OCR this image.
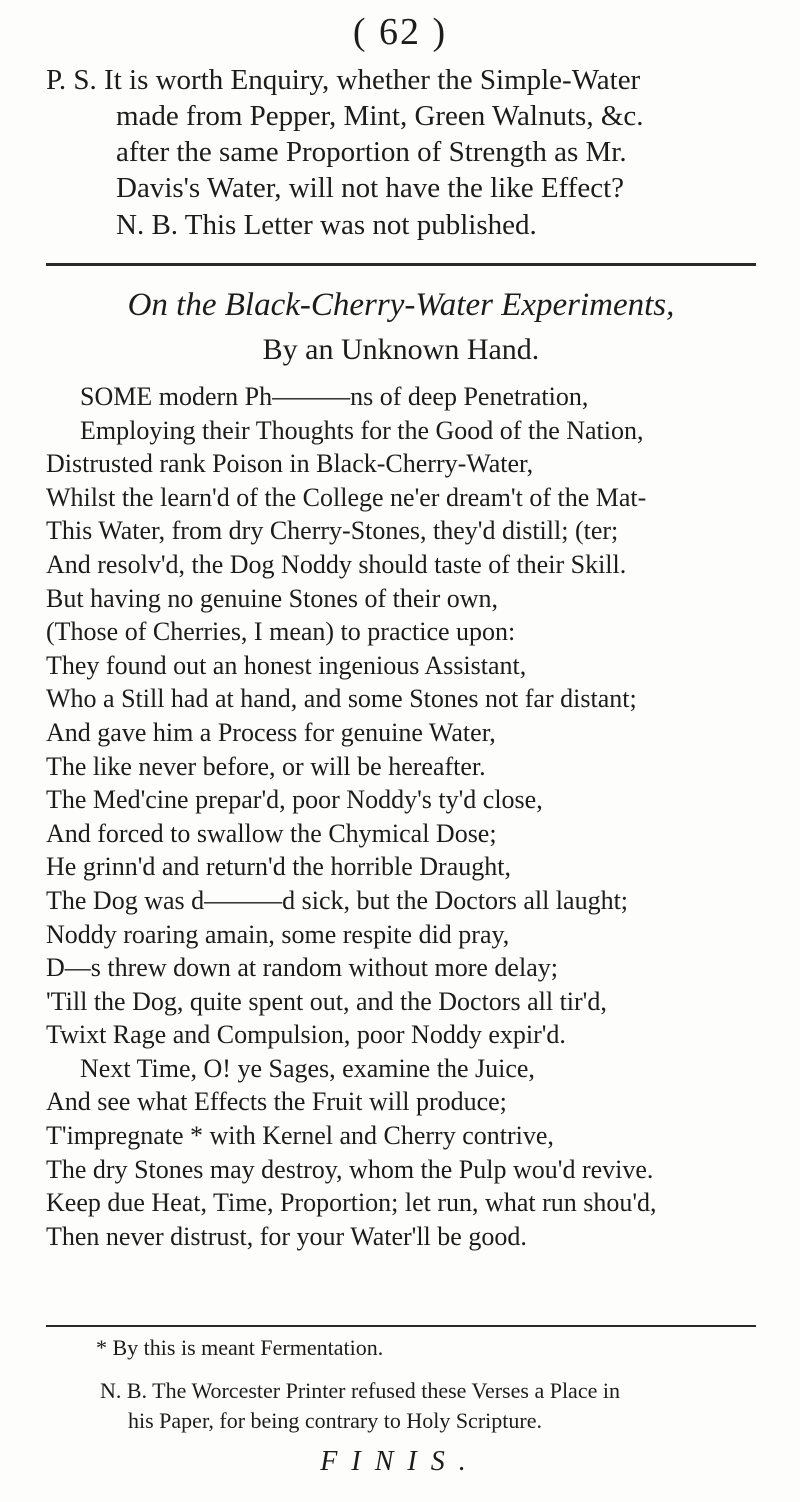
( 62 )
P. S. It is worth Enquiry, whether the Simple-Water
made from Pepper, Mint, Green Walnuts, &c.
after the same Proportion of Strength as Mr.
Davis's Water, will not have the like Effect?
N. B. This Letter was not published.
On the Black-Cherry-Water Experiments,
By an Unknown Hand.
SOME modern Ph———ns of deep Penetration,
Employing their Thoughts for the Good of the Nation,
Distrusted rank Poison in Black-Cherry-Water,
Whilst the learn'd of the College ne'er dream't of the Mat-
This Water, from dry Cherry-Stones, they'd distill; (ter;
And resolv'd, the Dog Noddy should taste of their Skill.
But having no genuine Stones of their own,
(Those of Cherries, I mean) to practice upon:
They found out an honest ingenious Assistant,
Who a Still had at hand, and some Stones not far distant;
And gave him a Process for genuine Water,
The like never before, or will be hereafter.
The Med'cine prepar'd, poor Noddy's ty'd close,
And forced to swallow the Chymical Dose;
He grinn'd and return'd the horrible Draught,
The Dog was d———d sick, but the Doctors all laught;
Noddy roaring amain, some respite did pray,
D—s threw down at random without more delay;
'Till the Dog, quite spent out, and the Doctors all tir'd,
Twixt Rage and Compulsion, poor Noddy expir'd.
Next Time, O! ye Sages, examine the Juice,
And see what Effects the Fruit will produce;
T'impregnate * with Kernel and Cherry contrive,
The dry Stones may destroy, whom the Pulp wou'd revive.
Keep due Heat, Time, Proportion; let run, what run shou'd,
Then never distrust, for your Water'll be good.
* By this is meant Fermentation.
N. B. The Worcester Printer refused these Verses a Place in
his Paper, for being contrary to Holy Scripture.
FINIS.
